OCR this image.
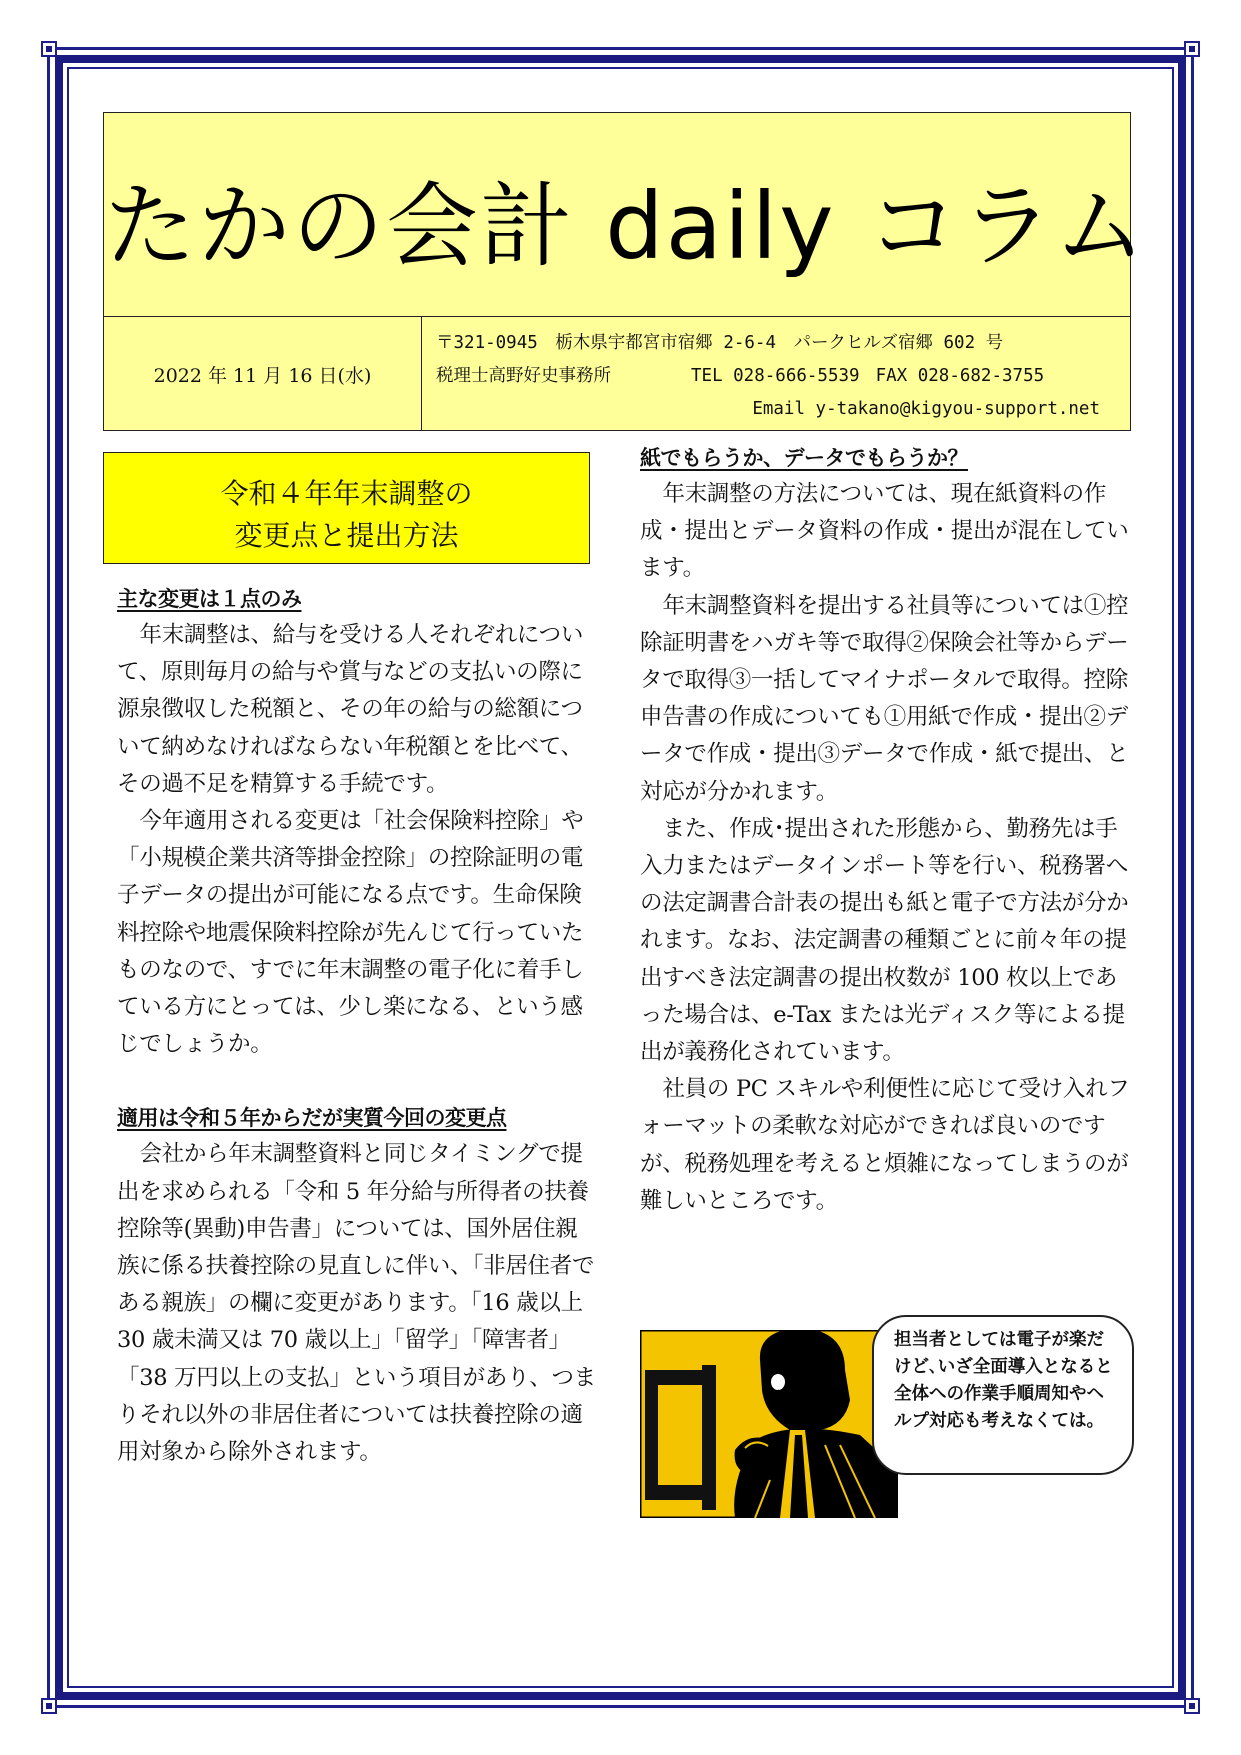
たかの会計 daily コラム
2022 年 11 月 16 日(水)
〒321-0945　栃木県宇都宮市宿郷 2-6-4　パークヒルズ宿郷 602 号
税理士高野好史事務所	TEL 028-666-5539 FAX 028-682-3755
Email y-takano@kigyou-support.net
令和４年年末調整の
変更点と提出方法
主な変更は１点のみ

年末調整は、給与を受ける人それぞれについて、原則毎月の給与や賞与などの支払いの際に源泉徴収した税額と、その年の給与の総額について納めなければならない年税額とを比べて、その過不足を精算する手続です。

今年適用される変更は「社会保険料控除」や「小規模企業共済等掛金控除」の控除証明の電子データの提出が可能になる点です。生命保険料控除や地震保険料控除が先んじて行っていたものなので、すでに年末調整の電子化に着手している方にとっては、少し楽になる、という感じでしょうか。

適用は令和５年からだが実質今回の変更点

会社から年末調整資料と同じタイミングで提出を求められる「令和 5 年分給与所得者の扶養控除等(異動)申告書」については、国外居住親族に係る扶養控除の見直しに伴い、「非居住者である親族」の欄に変更があります。「16 歳以上 30 歳未満又は 70 歳以上」「留学」「障害者」「38 万円以上の支払」という項目があり、つまりそれ以外の非居住者については扶養控除の適用対象から除外されます。

紙でもらうか、データでもらうか？

年末調整の方法については、現在紙資料の作成・提出とデータ資料の作成・提出が混在しています。

年末調整資料を提出する社員等については①控除証明書をハガキ等で取得②保険会社等からデータで取得③一括してマイナポータルで取得。控除申告書の作成についても①用紙で作成・提出②データで作成・提出③データで作成・紙で提出、と対応が分かれます。

また、作成･提出された形態から、勤務先は手入力またはデータインポート等を行い、税務署への法定調書合計表の提出も紙と電子で方法が分かれます。なお、法定調書の種類ごとに前々年の提出すべき法定調書の提出枚数が 100 枚以上であった場合は、e-Tax または光ディスク等による提出が義務化されています。

社員の PC スキルや利便性に応じて受け入れフォーマットの柔軟な対応ができれば良いのですが、税務処理を考えると煩雑になってしまうのが難しいところです。

担当者としては電子が楽だけど､いざ全面導入となると全体への作業手順周知やヘルプ対応も考えなくては。
